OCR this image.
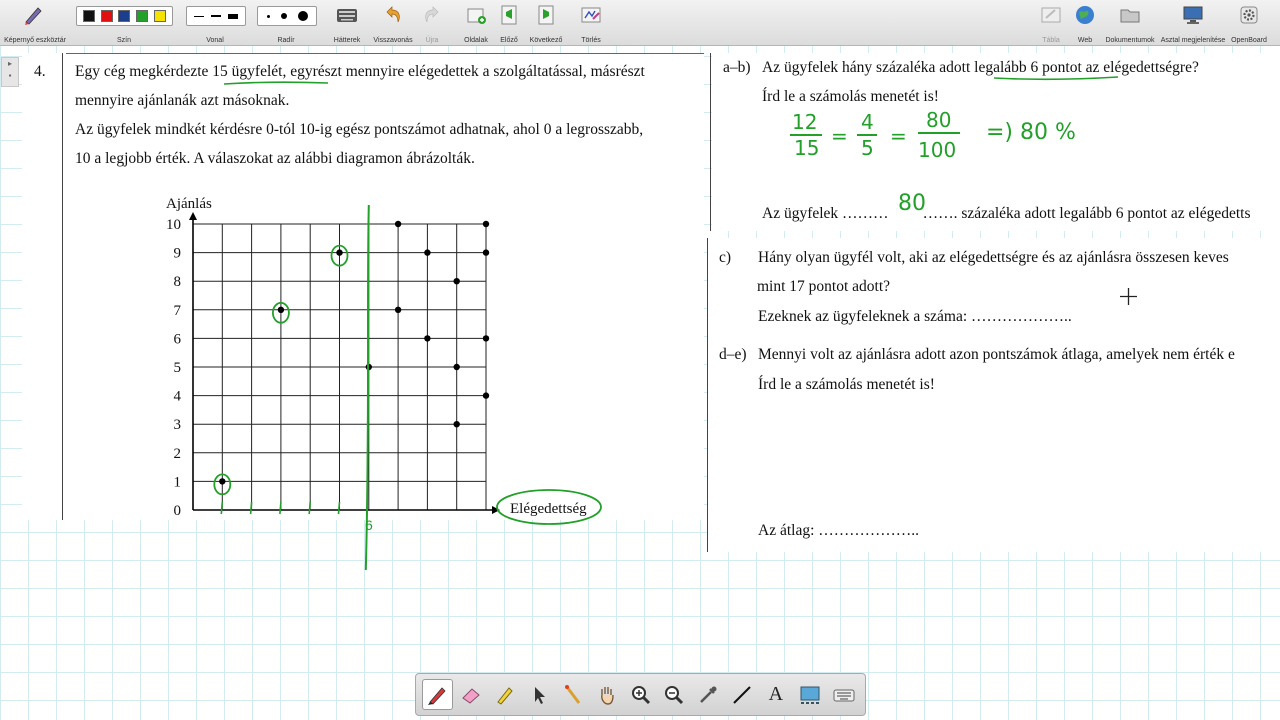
Képernyő eszköztár	Szín	Vonal	Radír	Hátterek	Visszavonás	Újra	Oldalak	Előző	Következő	Törlés	Tábla	Web	Dokumentumok Asztal megjelenítése OpenBoard
▸
▪	4. Egy cég megkérdezte 15 ügyfelét, egyrészt mennyire elégedettek a szolgáltatással, másrészt
mennyire ajánlanák azt másoknak.
Az ügyfelek mindkét kérdésre 0-tól 10-ig egész pontszámot adhatnak, ahol 0 a legrosszabb,
10 a legjobb érték. A válaszokat az alábbi diagramon ábrázolták.
0
1
2
3
4
5
6
7
8
9
10
Ajánlás
Elégedettség
6
a–b) Az ügyfelek hány százaléka adott legalább 6 pontot az elégedettségre?
Írd le a számolás menetét is!
12
15 =
4
5 =
80
100
=) 80 %
Az ügyfelek ……… ……. százaléka adott legalább 6 pontot az elégedetts
80
c) Hány olyan ügyfél volt, aki az elégedettségre és az ajánlásra összesen keves
mint 17 pontot adott?
Ezeknek az ügyfeleknek a száma: ………………..
d–e) Mennyi volt az ajánlásra adott azon pontszámok átlaga, amelyek nem érték e
Írd le a számolás menetét is!
Az átlag: ………………..
A
